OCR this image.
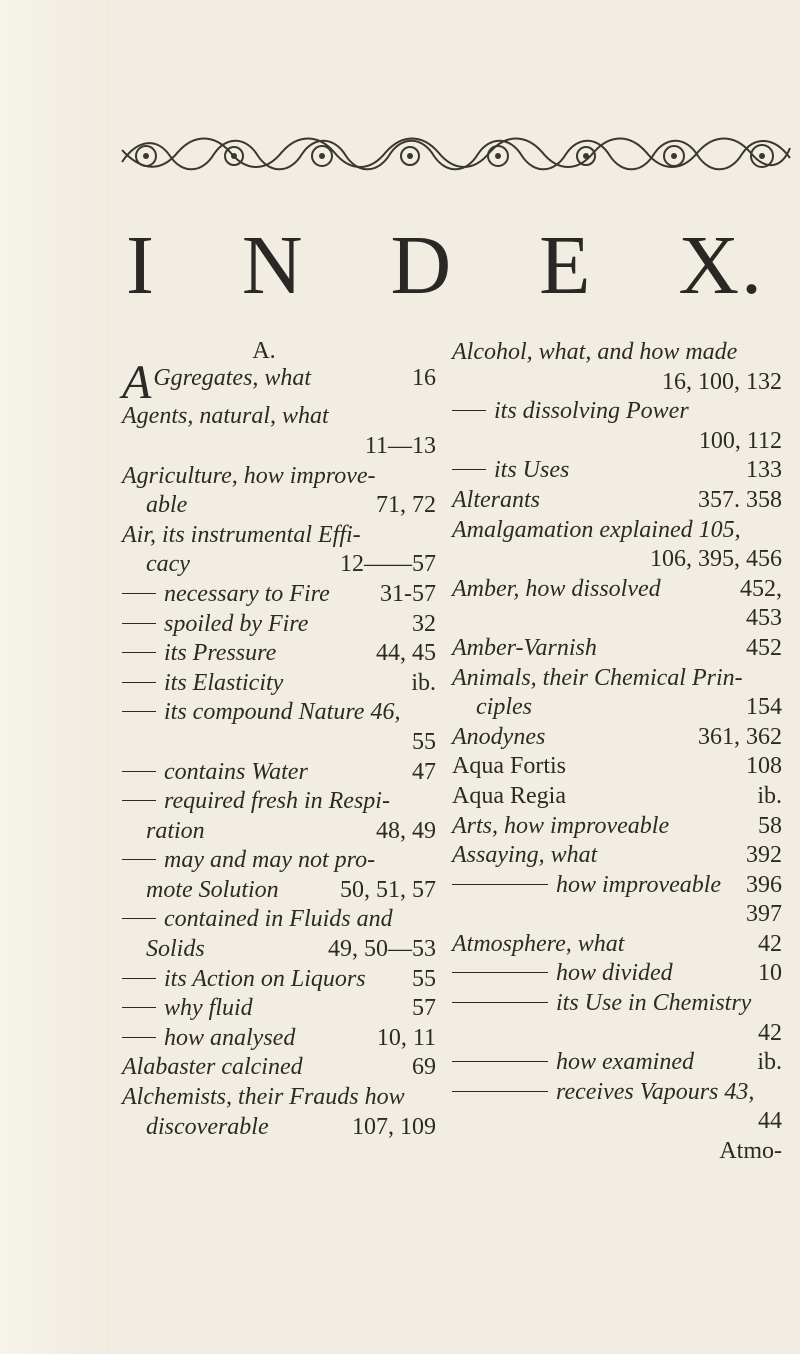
I N D E X.
A.
A Ggregates, what	16
Agents, natural, what
11—13
Agriculture, how improve-
able	71, 72
Air, its instrumental Effi-
cacy	12——57
necessary to Fire 31-57
spoiled by Fire	32
its Pressure	44, 45
its Elasticity	ib.
its compound Nature 46,
55
contains Water	47
required fresh in Respi-
ration	48, 49
may and may not pro-
mote Solution	50, 51, 57
contained in Fluids and
Solids	49, 50—53
its Action on Liquors 55
why fluid	57
how analysed	10, 11
Alabaster calcined	69
Alchemists, their Frauds how
discoverable	107, 109
Alcohol, what, and how made
16, 100, 132
its dissolving Power
100, 112
its Uses	133
Alterants	357. 358
Amalgamation explained 105,
106, 395, 456
Amber, how dissolved	452,
453
Amber-Varnish	452
Animals, their Chemical Prin-
ciples	154
Anodynes	361, 362
Aqua Fortis	108
Aqua Regia	ib.
Arts, how improveable	58
Assaying, what	392
how improveable 396
397
Atmosphere, what	42
how divided	10
its Use in Chemistry
42
how examined	ib.
receives Vapours 43,
44
Atmo-
